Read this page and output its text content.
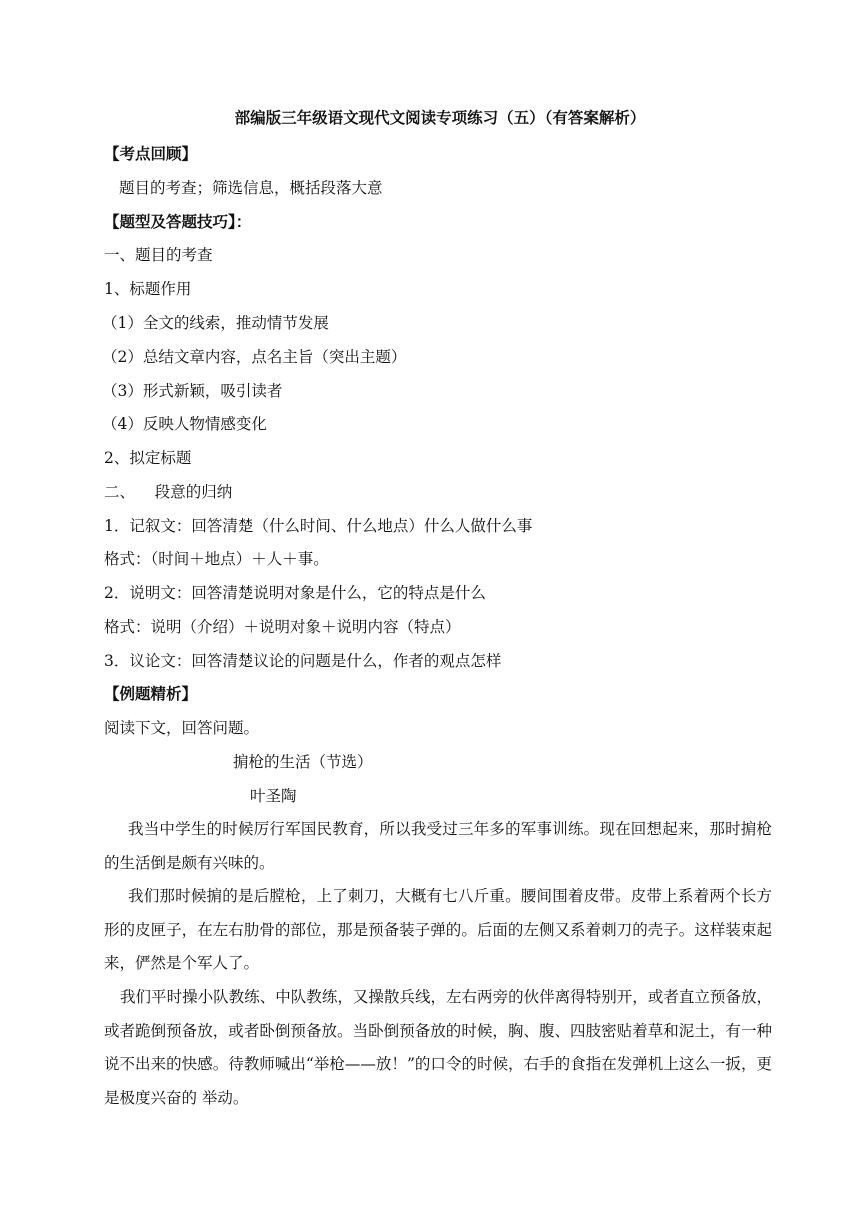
部编版三年级语文现代文阅读专项练习（五）（有答案解析）
【考点回顾】
题目的考查；筛选信息，概括段落大意
【题型及答题技巧】：
一、题目的考查
1、标题作用
（1）全文的线索，推动情节发展
（2）总结文章内容，点名主旨（突出主题）
（3）形式新颖，吸引读者
（4）反映人物情感变化
2、拟定标题
二、    段意的归纳
1．记叙文：回答清楚（什么时间、什么地点）什么人做什么事
格式：（时间＋地点）＋人＋事。
2．说明文：回答清楚说明对象是什么，它的特点是什么
格式：说明（介绍）＋说明对象＋说明内容（特点）
3．议论文：回答清楚议论的问题是什么，作者的观点怎样
【例题精析】
阅读下文，回答问题。
掮枪的生活（节选）
叶圣陶
我当中学生的时候厉行军国民教育，所以我受过三年多的军事训练。现在回想起来，那时掮枪的生活倒是颇有兴味的。
我们那时候掮的是后膛枪，上了刺刀，大概有七八斤重。腰间围着皮带。皮带上系着两个长方形的皮匣子，在左右肋骨的部位，那是预备装子弹的。后面的左侧又系着刺刀的壳子。这样装束起来，俨然是个军人了。
我们平时操小队教练、中队教练，又操散兵线，左右两旁的伙伴离得特别开，或者直立预备放，或者跪倒预备放，或者卧倒预备放。当卧倒预备放的时候，胸、腹、四肢密贴着草和泥土，有一种说不出来的快感。待教师喊出“举枪——放！”的口令的时候，右手的食指在发弹机上这么一扳，更是极度兴奋的 举动。
